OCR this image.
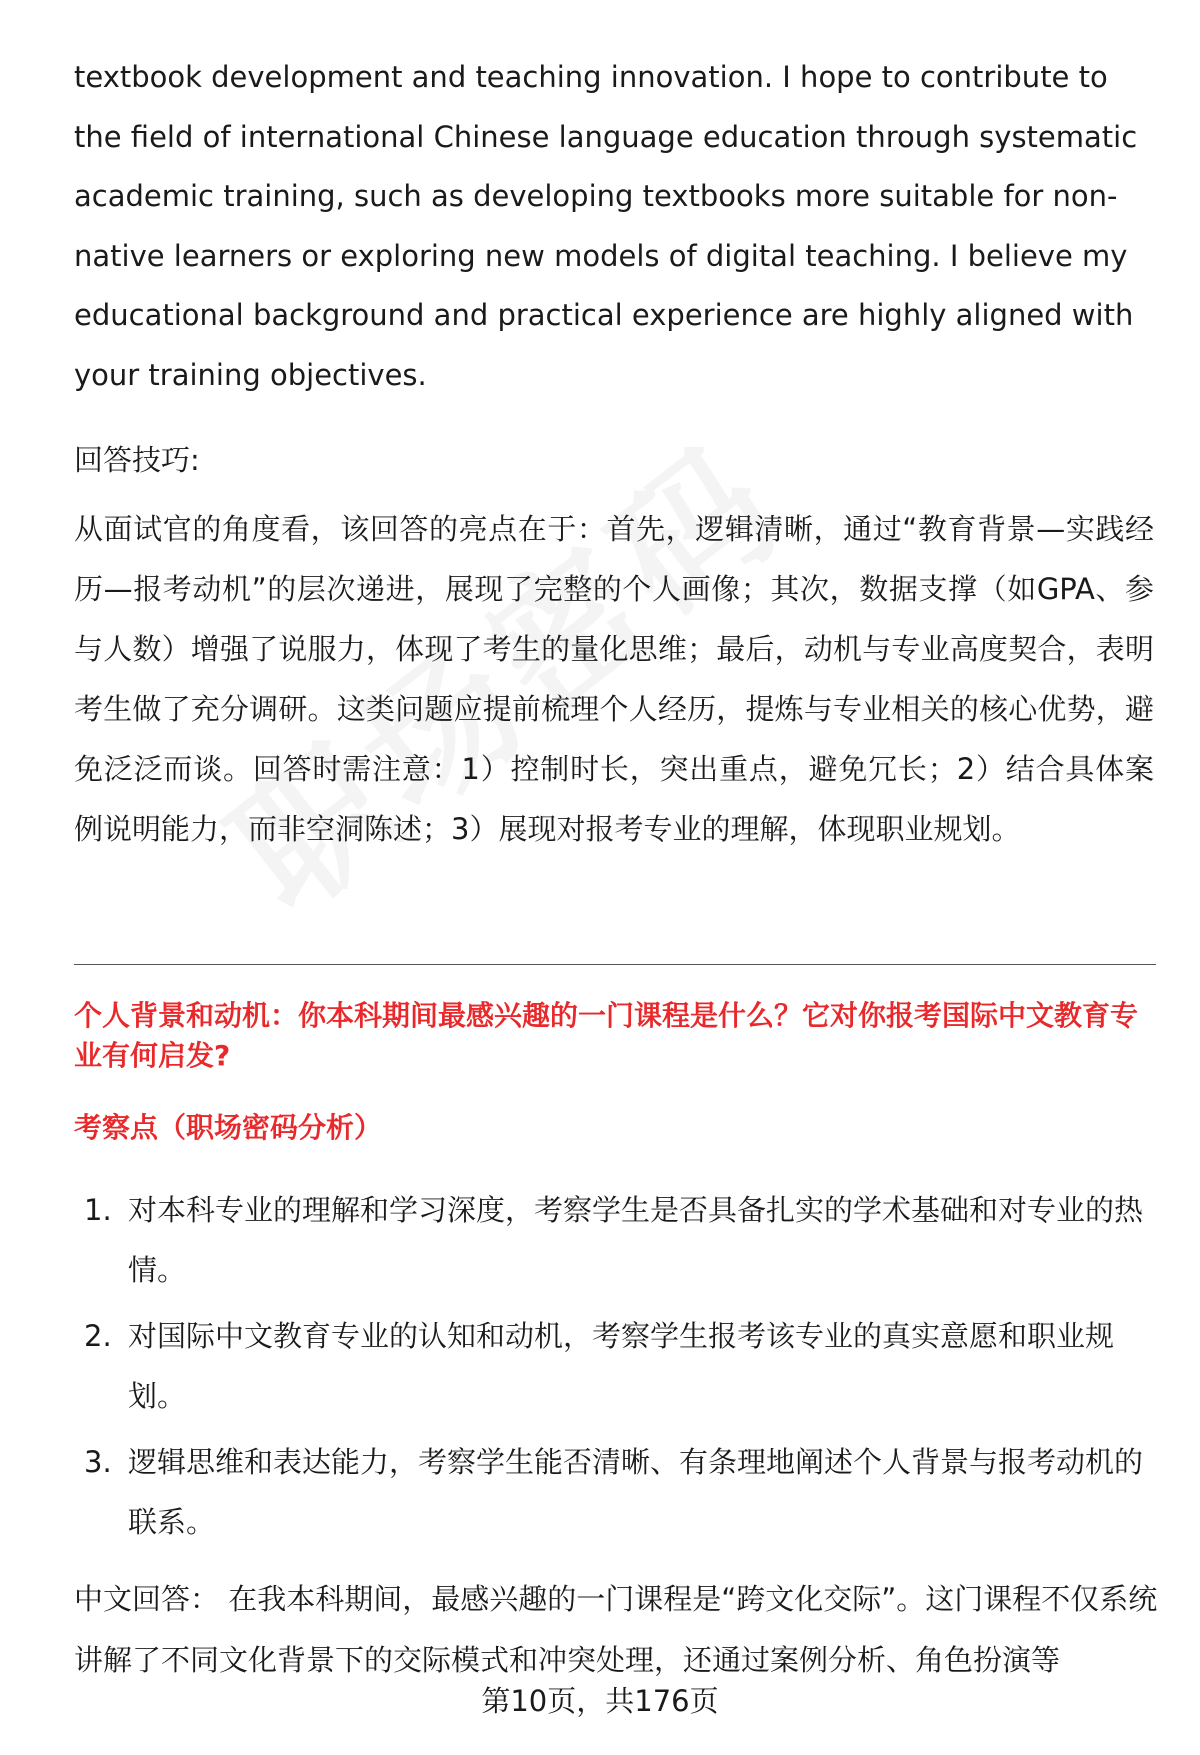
textbook development and teaching innovation. I hope to contribute to the field of international Chinese language education through systematic academic training, such as developing textbooks more suitable for non-native learners or exploring new models of digital teaching. I believe my educational background and practical experience are highly aligned with your training objectives.

回答技巧:

从面试官的角度看，该回答的亮点在于：首先，逻辑清晰，通过“教育背景—实践经历—报考动机”的层次递进，展现了完整的个人画像；其次，数据支撑（如GPA、参与人数）增强了说服力，体现了考生的量化思维；最后，动机与专业高度契合，表明考生做了充分调研。这类问题应提前梳理个人经历，提炼与专业相关的核心优势，避免泛泛而谈。回答时需注意：1）控制时长，突出重点，避免冗长；2）结合具体案例说明能力，而非空洞陈述；3）展现对报考专业的理解，体现职业规划。

个人背景和动机：你本科期间最感兴趣的一门课程是什么？它对你报考国际中文教育专业有何启发?

考察点（职场密码分析）

1. 对本科专业的理解和学习深度，考察学生是否具备扎实的学术基础和对专业的热情。
2. 对国际中文教育专业的认知和动机，考察学生报考该专业的真实意愿和职业规划。
3. 逻辑思维和表达能力，考察学生能否清晰、有条理地阐述个人背景与报考动机的联系。

中文回答： 在我本科期间，最感兴趣的一门课程是“跨文化交际”。这门课程不仅系统讲解了不同文化背景下的交际模式和冲突处理，还通过案例分析、角色扮演等

第10页，共176页
